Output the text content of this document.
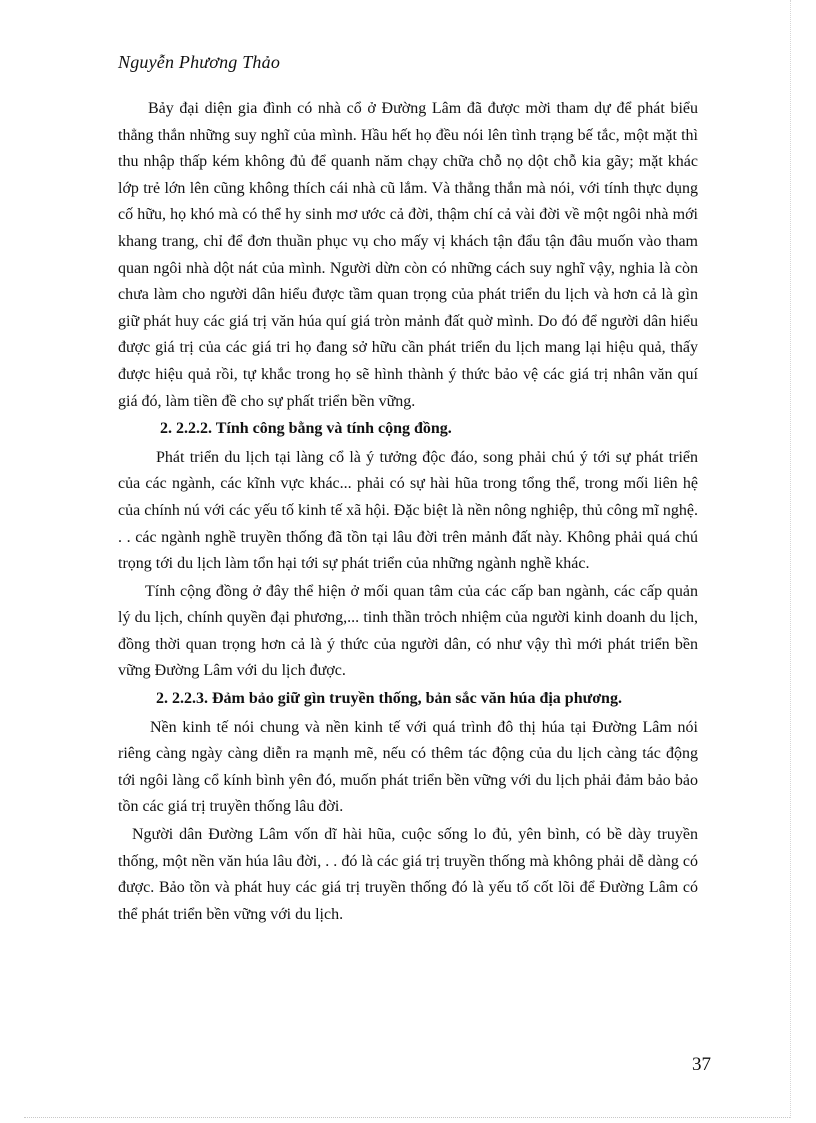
Nguyễn Phương Thảo

Bảy đại diện gia đình có nhà cổ ở Đường Lâm đã được mời tham dự để phát biểu thẳng thắn những suy nghĩ của mình. Hầu hết họ đều nói lên tình trạng bế tắc, một mặt thì thu nhập thấp kém không đủ để quanh năm chạy chữa chỗ nọ dột chỗ kia gãy; mặt khác lớp trẻ lớn lên cũng không thích cái nhà cũ lắm. Và thẳng thắn mà nói, với tính thực dụng cố hữu, họ khó mà có thể hy sinh mơ ước cả đời, thậm chí cả vài đời về một ngôi nhà mới khang trang, chỉ để đơn thuần phục vụ cho mấy vị khách tận đẩu tận đâu muốn vào tham quan ngôi nhà dột nát của mình. Người dừn còn có những cách suy nghĩ vậy, nghia là còn chưa làm cho người dân hiểu được tầm quan trọng của phát triển du lịch và hơn cả là gìn giữ phát huy các giá trị văn húa quí giá tròn mảnh đất quờ mình. Do đó để người dân hiểu được giá trị của các giá tri họ đang sở hữu cần phát triển du lịch mang lại hiệu quả, thấy được hiệu quả rồi, tự khắc trong họ sẽ hình thành ý thức bảo vệ các giá trị nhân văn quí giá đó, làm tiền đề cho sự phất triển bền vững.

2. 2.2.2. Tính công bằng và tính cộng đồng.

Phát triển du lịch tại làng cổ là ý tưởng độc đáo, song phải chú ý tới sự phát triển của các ngành, các kĩnh vực khác... phải có sự hài hũa trong tổng thể, trong mối liên hệ của chính nú với các yếu tố kinh tế xã hội. Đặc biệt là nền nông nghiệp, thủ công mĩ nghệ. . . các ngành nghề truyền thống đã tồn tại lâu đời trên mảnh đất này. Không phải quá chú trọng tới du lịch làm tổn hại tới sự phát triển của những ngành nghề khác.

Tính cộng đồng ở đây thể hiện ở mối quan tâm của các cấp ban ngành, các cấp quản lý du lịch, chính quyền đại phương,... tinh thần trỏch nhiệm của người kinh doanh du lịch, đồng thời quan trọng hơn cả là ý thức của người dân, có như vậy thì mới phát triển bền vững Đường Lâm với du lịch được.

2. 2.2.3. Đảm bảo giữ gìn truyền thống, bản sắc văn húa địa phương.

Nền kinh tế nói chung và nền kinh tế với quá trình đô thị húa tại Đường Lâm nói riêng càng ngày càng diễn ra mạnh mẽ, nếu có thêm tác động của du lịch càng tác động tới ngôi làng cổ kính bình yên đó, muốn phát triển bền vững với du lịch phải đảm bảo bảo tồn các giá trị truyền thống lâu đời.

Người dân Đường Lâm vốn dĩ hài hũa, cuộc sống lo đủ, yên bình, có bề dày truyền thống, một nền văn húa lâu đời, . . đó là các giá trị truyền thống mà không phải dễ dàng có được. Bảo tồn và phát huy các giá trị truyền thống đó là yếu tố cốt lõi để Đường Lâm có thể phát triển bền vững với du lịch.

37
